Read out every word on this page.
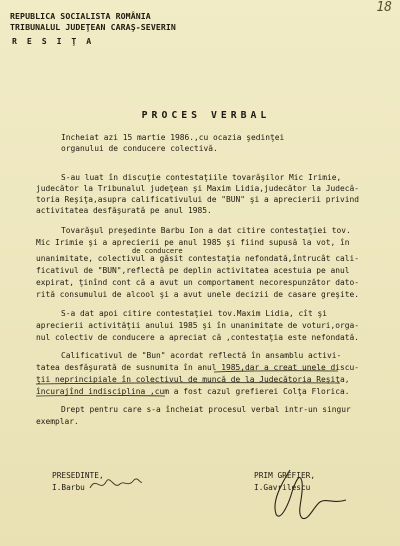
18
REPUBLICA SOCIALISTA ROMÂNIA
TRIBUNALUL JUDEŢEAN CARAŞ-SEVERIN
R E S I Ţ A
PROCES VERBAL
Incheiat azi 15 martie 1986.,cu ocazia şedinţei
organului de conducere colectivă.
S-au luat în discuţie contestaţiile tovarăşilor Mic Irimie,
judecător la Tribunalul judeţean şi Maxim Lidia,judecător la Judecă-
toria Reşiţa,asupra calificativului de "BUN" şi a aprecierii privind
activitatea desfăşurată pe anul 1985.
Tovarăşul preşedinte Barbu Ion a dat citire contestaţiei tov.
Mic Irimie şi a aprecierii pe anul 1985 şi fiind supusă la vot, în
de conducere
unanimitate, colectivul a găsit contestaţia nefondată,întrucât cali-
ficativul de "BUN",reflectă pe deplin activitatea acestuia pe anul
expirat, ţinînd cont că a avut un comportament necorespunzător dato-
rită consumului de alcool şi a avut unele decizii de casare greşite.
S-a dat apoi citire contestaţiei tov.Maxim Lidia, cît şi
aprecierii activităţii anului 1985 şi în unanimitate de voturi,orga-
nul colectiv de conducere a apreciat că ,contestaţia este nefondată.
Calificativul de "Bun" acordat reflectă în ansamblu activi-
tatea desfăşurată de susnumita în anul 1985,dar a creat unele discu-
ţii neprincipiale în colectivul de muncă de la Judecătoria Reşiţa,
încurajînd indisciplina ,cum a fost cazul grefierei Colţa Florica.
Drept pentru care s-a încheiat procesul verbal intr-un singur
exemplar.
PRESEDINTE,
I.Barbu
PRIM GREFIER,
I.Gavrilescu
